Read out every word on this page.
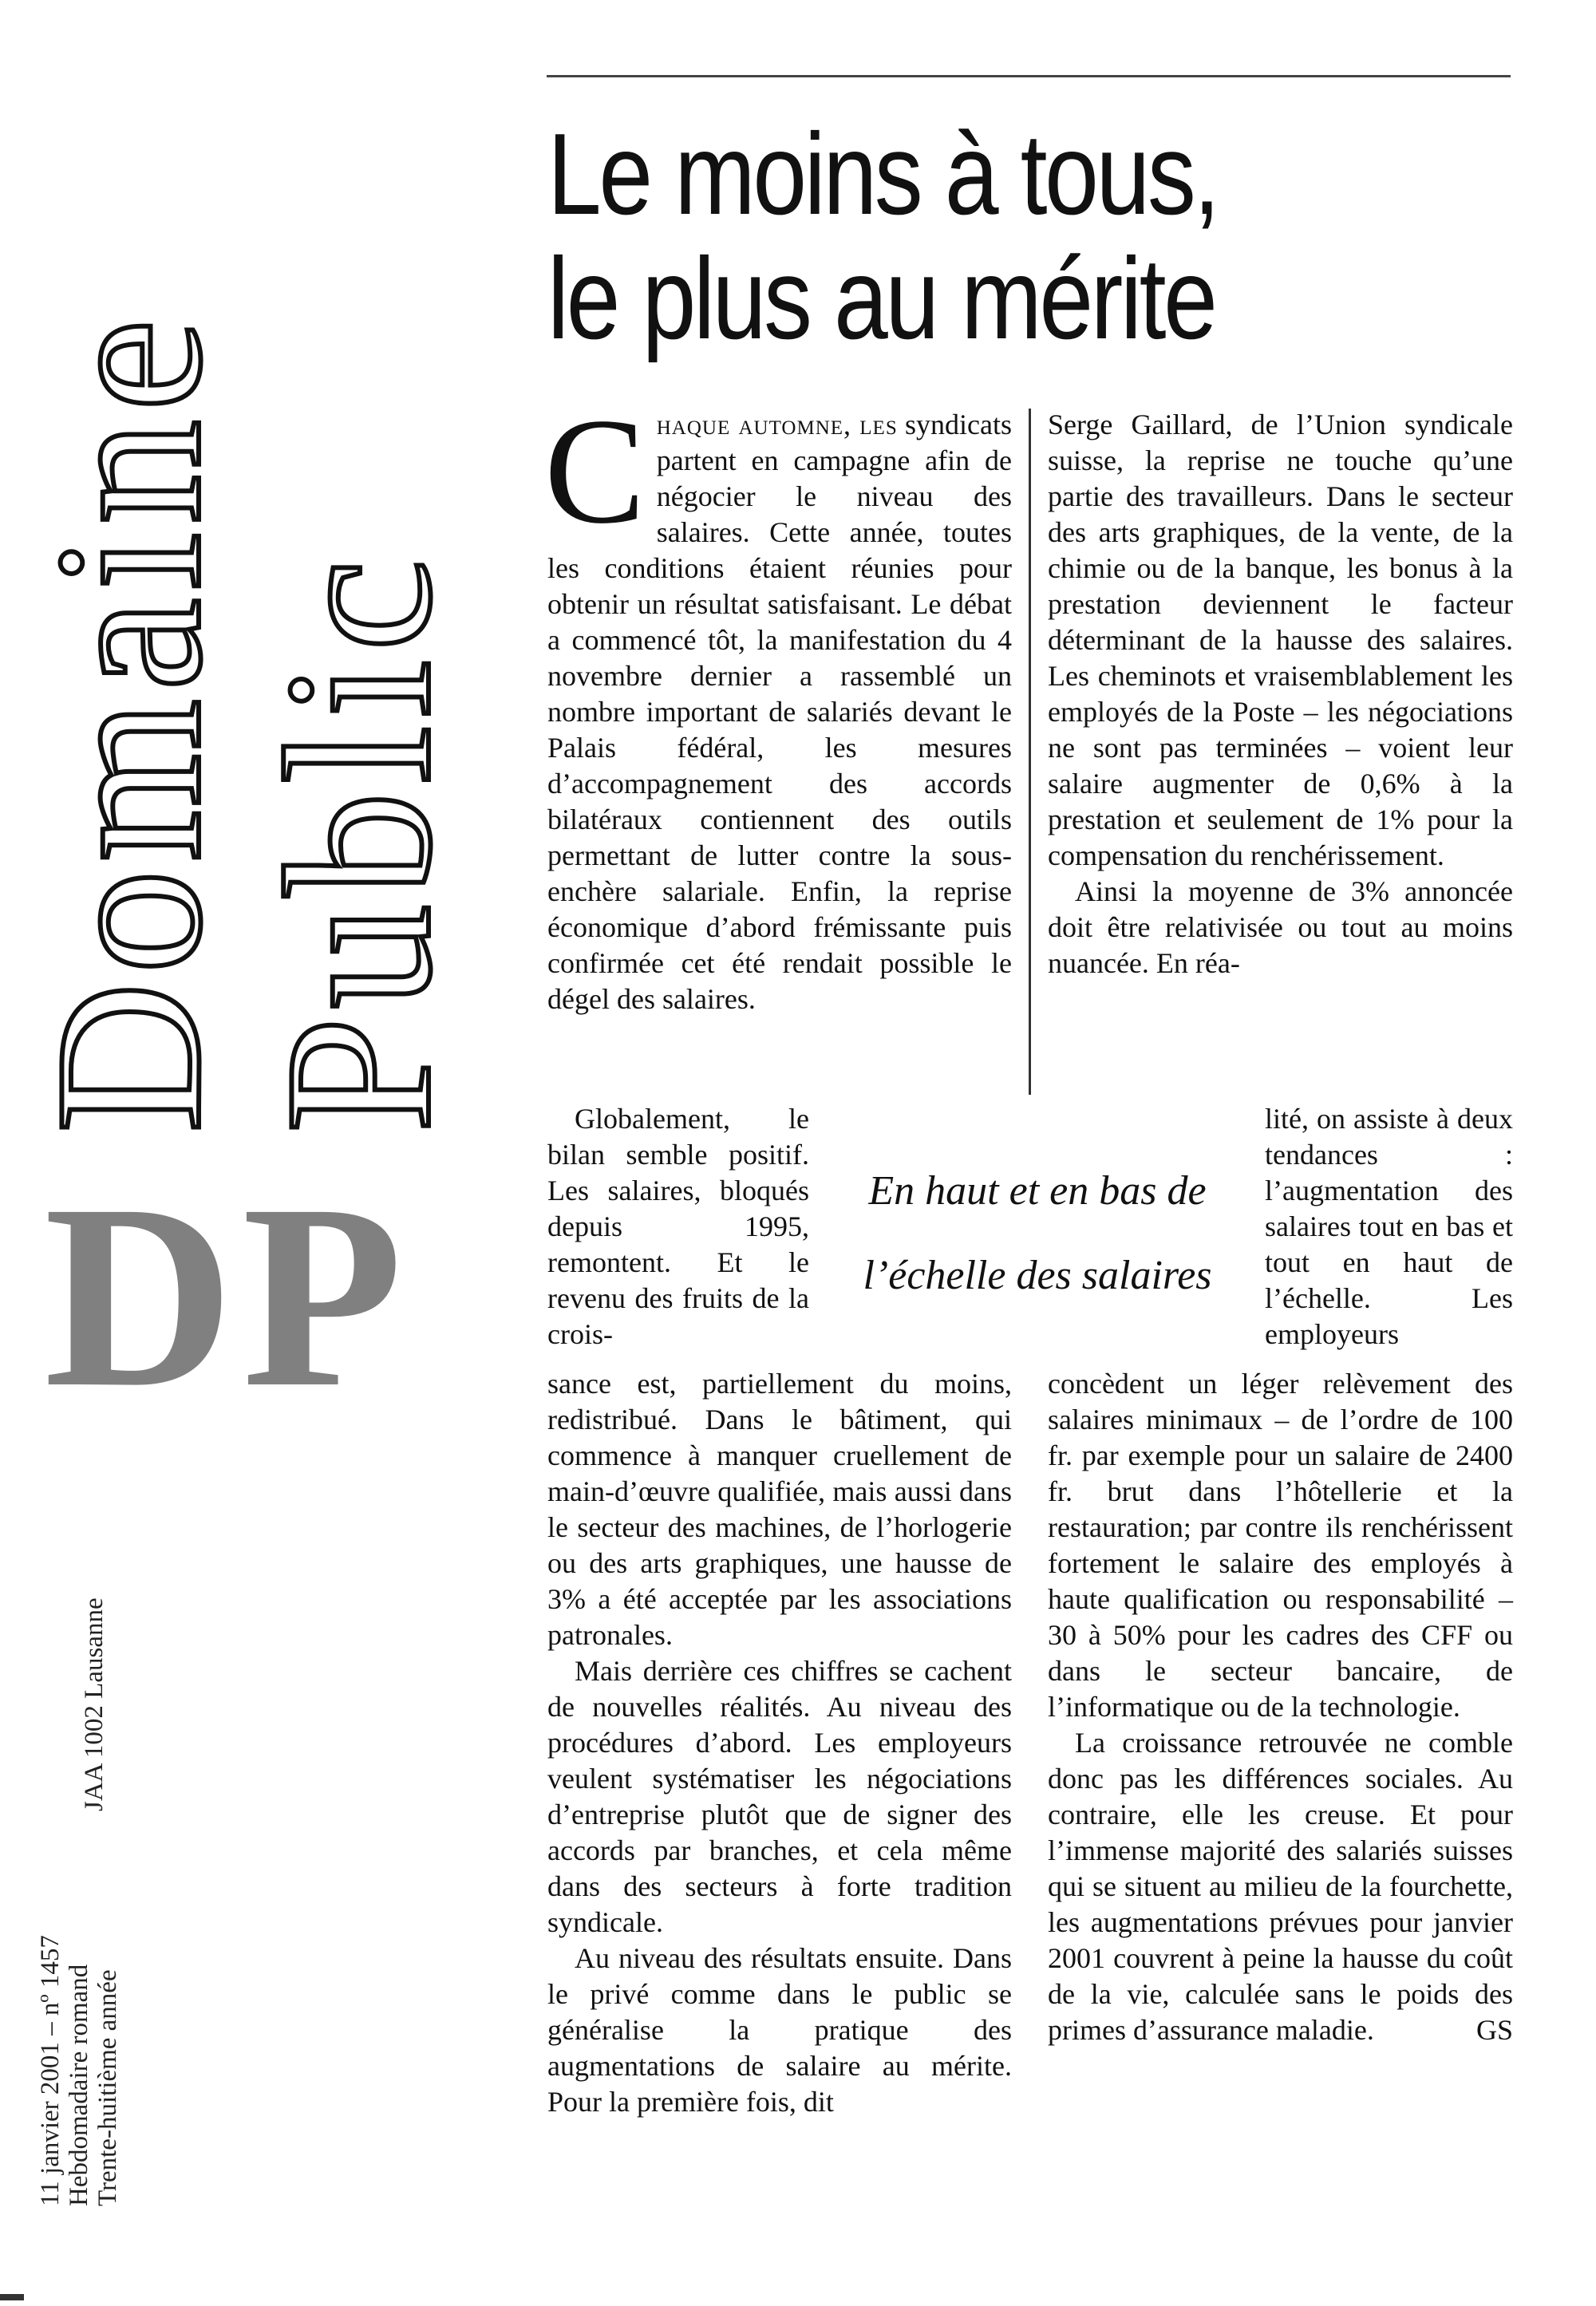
Domaine
Public
DP
11 janvier 2001 – nº 1457 Hebdomadaire romand Trente-huitième année
JAA 1002 Lausanne
Le moins à tous,
le plus au mérite

Chaque automne, les syndicats partent en campagne afin de négocier le niveau des salaires. Cette année, toutes les conditions étaient réunies pour obtenir un résultat satisfaisant. Le débat a commencé tôt, la manifestation du 4 novembre dernier a rassemblé un nombre important de salariés devant le Palais fédéral, les mesures d’accompagnement des accords bilatéraux contiennent des outils permettant de lutter contre la sous-enchère salariale. Enfin, la reprise économique d’abord frémissante puis confirmée cet été rendait possible le dégel des salaires.

Serge Gaillard, de l’Union syndicale suisse, la reprise ne touche qu’une partie des travailleurs. Dans le secteur des arts graphiques, de la vente, de la chimie ou de la banque, les bonus à la prestation deviennent le facteur déterminant de la hausse des salaires. Les cheminots et vraisemblablement les employés de la Poste – les négociations ne sont pas terminées – voient leur salaire augmenter de 0,6% à la prestation et seulement de 1% pour la compensation du renchérissement.

Ainsi la moyenne de 3% annoncée doit être relativisée ou tout au moins nuancée. En réa-

Globalement, le bilan semble positif. Les salaires, bloqués depuis 1995, remontent. Et le revenu des fruits de la crois-

En haut et en bas de
l’échelle des salaires

lité, on assiste à deux tendances : l’augmentation des salaires tout en bas et tout en haut de l’échelle. Les employeurs

sance est, partiellement du moins, redistribué. Dans le bâtiment, qui commence à manquer cruellement de main-d’œuvre qualifiée, mais aussi dans le secteur des machines, de l’horlogerie ou des arts graphiques, une hausse de 3% a été acceptée par les associations patronales.

Mais derrière ces chiffres se cachent de nouvelles réalités. Au niveau des procédures d’abord. Les employeurs veulent systématiser les négociations d’entreprise plutôt que de signer des accords par branches, et cela même dans des secteurs à forte tradition syndicale.

Au niveau des résultats ensuite. Dans le privé comme dans le public se généralise la pratique des augmentations de salaire au mérite. Pour la première fois, dit

concèdent un léger relèvement des salaires minimaux – de l’ordre de 100 fr. par exemple pour un salaire de 2400 fr. brut dans l’hôtellerie et la restauration; par contre ils renchérissent fortement le salaire des employés à haute qualification ou responsabilité – 30 à 50% pour les cadres des CFF ou dans le secteur bancaire, de l’informatique ou de la technologie.

La croissance retrouvée ne comble donc pas les différences sociales. Au contraire, elle les creuse. Et pour l’immense majorité des salariés suisses qui se situent au milieu de la fourchette, les augmentations prévues pour janvier 2001 couvrent à peine la hausse du coût de la vie, calculée sans le poids des primes d’assurance maladie.	GS
